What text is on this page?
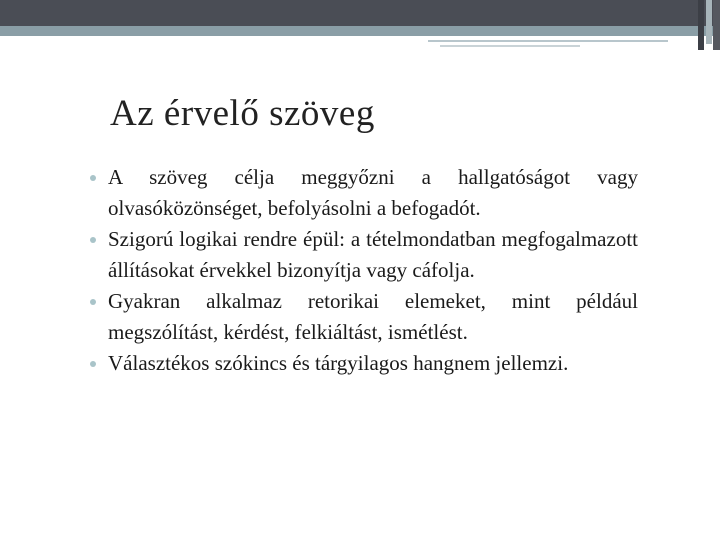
Az érvelő szöveg
A szöveg célja meggyőzni a hallgatóságot vagy olvasóközönséget, befolyásolni a befogadót.
Szigorú logikai rendre épül: a tételmondatban megfogalmazott állításokat érvekkel bizonyítja vagy cáfolja.
Gyakran alkalmaz retorikai elemeket, mint például megszólítást, kérdést, felkiáltást, ismétlést.
Választékos szókincs és tárgyilagos hangnem jellemzi.
